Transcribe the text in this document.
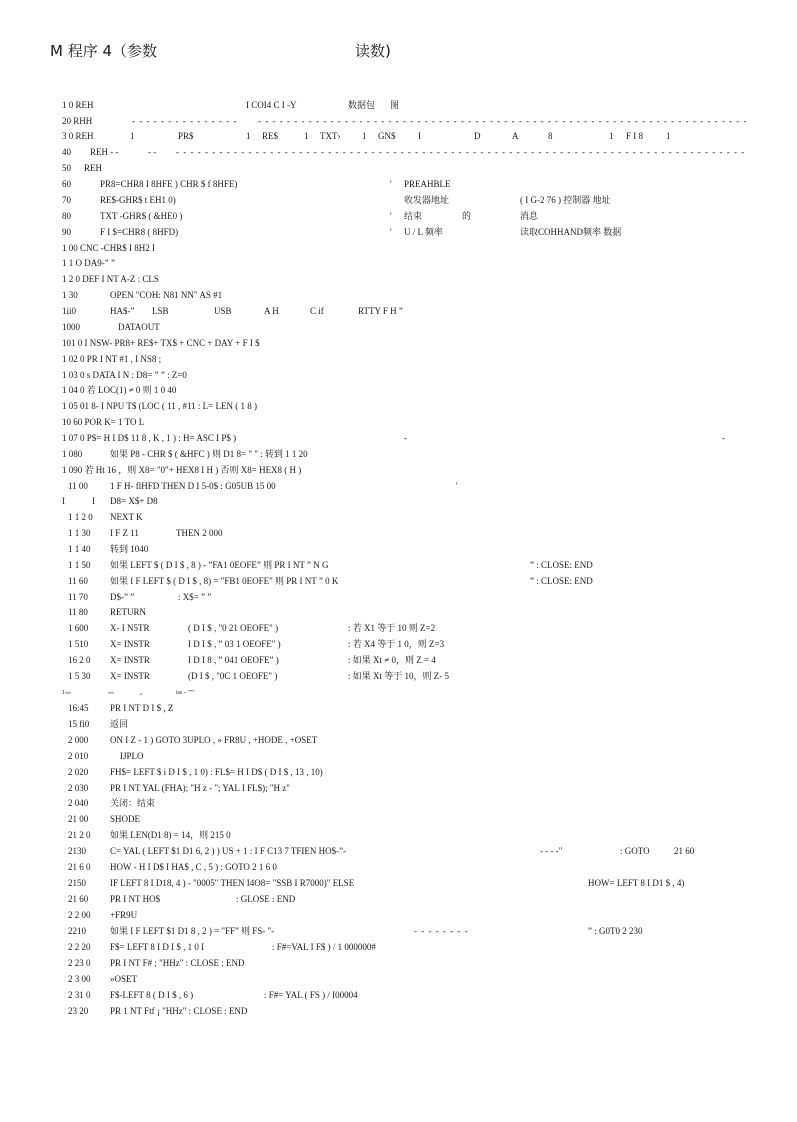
M 程序 4（参数	读数)
1 0 REH	I COI4 C I -Y	数据包 图
20 RHH	- - - - - - - - - - - - - - - - - - - - - - - - - - - - - - - - - - - - - - - - - - - - - - - - - - - - - - - - - - - - - - - - - - - - - - - - - - - - - - - - - - -
3 0 REH	1	PR$	1 RE$	1 TXT› 1 GN$	I	D	A	8	1 F I 8	1
40 REH - -	- - - - - - - - - - - - - - - - - - - - - - - - - - - - - - - - - - - - - - - - - - - - - - - - - - - - - - - - - - - - - - - - - - - - - - - - - - - - - - - - -
50 REH
60	PR8=CHR8 I 8HFE ) CHR $ f 8HFE)	' PREAHBLE
70	RE$-GHR$ t EH1 0)	收发器地址	( I G-2 76 ) 控制器 地址
80	TXT -GHR$ ( &HE0 )	' 结束	的	消息
90	F I $=CHR8 ( 8HFD)	' U / L 频率	读取COHHAND频率 数据
1 00 CNC -CHR$ I 8H2 I
1 1 O DA9-” ”
1 2 0 DEF I NT A-Z : CLS
1 30	OPEN "COH: N81 NN" AS #1
1ii0	HA$-” LSB	USB	A H	C if	RTTY F H ”
1000	DATAOUT
101 0 I NSW- PR8+ RE$+ TX$ + CNC + DAY + F I $
1 02 0 PR I NT #1 , I NS8 ;
1 03 0 s DATA I N : D8= ” ” : Z=0
1 04 0 若 LOC(1) ≠ 0 则 1 0 40
1 05 01 8- I NPU T$ (LOC ( 11 , #11 : L= LEN ( 1 8 )
10 60 POR K= 1 TO L
1 07 0 P$= H I D$ 11 8 , K , 1 ) : H= ASC I P$ )	-	-
1 080	如果 P8 - CHR $ ( &HFC ) 则 D1 8= " " : 转到 1 1 20
1 090 若 Ht 16 ，则 X8= "0"+ HEX8 I H ) 否则 X8= HEX8 ( H )
11 00 1 F H- flHFD THEN D I 5-0$ : G05UB 15 00	'
I	I D8= X$+ D8
1 1 2 0 NEXT K
1 1 30 I F Z 11	THEN 2 000
1 1 40 转到 1040
1 1 50 如果 LEFT $ ( D I $ , 8 ) - ”FA1 0EOFE” 则 PR I NT ” N G	” : CLOSE: END
11 60 如果 I F LEFT $ ( D I $ , 8) = "FB1 0EOFE" 则 PR I NT ” 0 K	” : CLOSE: END
11 70 D$-” ”	: X$= ” ”
11 80 RETURN
1 600 X- I N5TR	( D I $ , "0 21 OEOFE" )	: 若 X1 等于 10 则 Z=2
1 510 X= INSTR	I D I $ , ” 03 1 OEOFE" )	: 若 X4 等于 1 0，则 Z=3
16 2 0 X= INSTR	I D I 8 , ” 041 OEOFE” )	: 如果 Xt ≠ 0，则 Z = 4
1 5 30 X= INSTR	(D I $ , "0C 1 OEOFE" )	: 如果 Xt 等于 10，则 Z- 5
1«»	»»	„	iss - """
16:45 PR I NT D I $ , Z
15 fi0 返回
2 000 ON I Z - 1 ) GOTO 3UPLO , » FR8U , +HODE , +OSET
2 010	IJPLO
2 020 FH$= LEFT $ i D I $ , 1 0) : FL$= H I D$ ( D I $ , 13 , 10)
2 030 PR I NT YAL (FHA); "H z - "; YAL I FL$); "H z"
2 040 关闭：结束
21 00 SHODE
21 2 0 如果 LEN(D1 8) = 14，则 215 0
2130	C= YAL ( LEFT $1 D1 6, 2 ) ) US + 1 : I F C13 7 TFIEN HO$-”-	- - - -"	: GOTO	21 60
21 6 0 HOW - H I D$ I HA$ , C , 5 ) : GOTO 2 1 6 0
2150	IF LEFT 8 I D18, 4 ) - "0005" THEN I4O8= "SSB I R7000)" ELSE	HOW= LEFT 8 I D1 $ , 4)
21 60 PR I NT HO$	: GLOSE : END
2 2 00 +FR9U
2210	如果 I F LEFT $1 D1 8 , 2 ) = "FF" 则 FS- "-	- - - - - - - -	” : G0T0 2 230
2 2 20 F$= LEFT 8 I D I $ , 1 0 I	: F#=VAL I F$ ) / 1 000000#
2 23 0 PR I NT F# ; "HHz" : CLOSE : END
2 3 00 »OSET
2 31 0 F$-LEFT 8 ( D I $ , 6 )	: F#= YAL ( FS ) / I00004
23 20 PR 1 NT Ftf ¡ "HHz" : CLOSE : END
